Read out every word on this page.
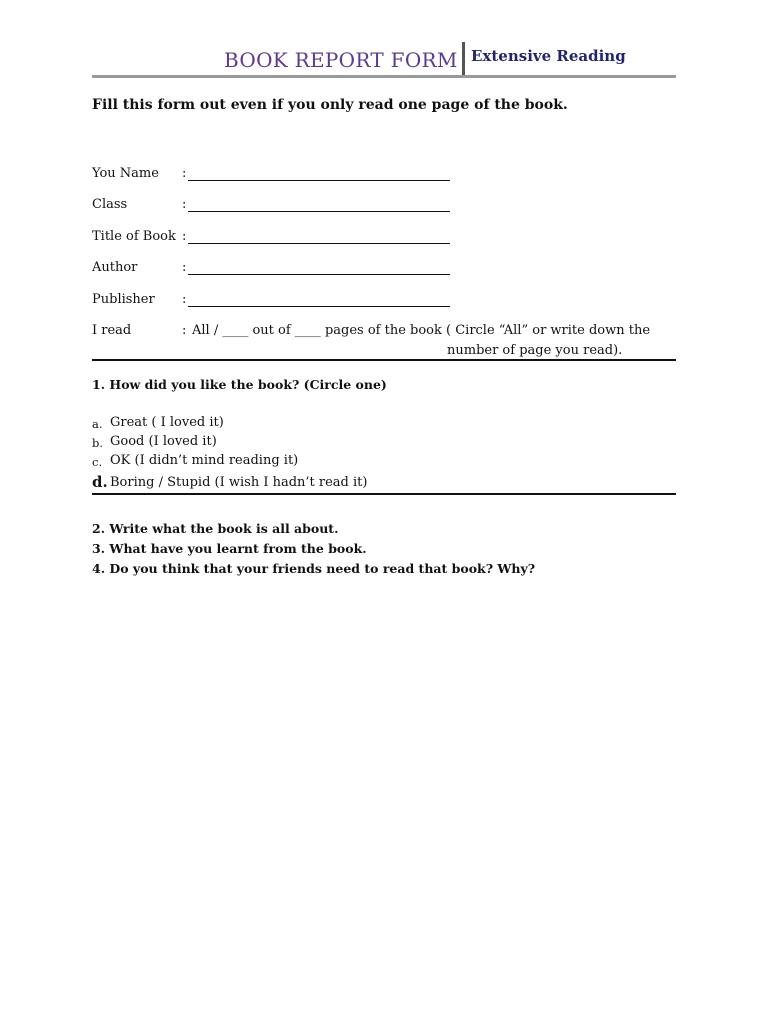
BOOK REPORT FORM Extensive Reading
Fill this form out even if you only read one page of the book.
You Name :
Class	:
Title of Book :
Author	:
Publisher :
I read	: All / ____ out of ____ pages of the book ( Circle “All” or write down the
number of page you read).
1. How did you like the book? (Circle one)
a. Great ( I loved it)
b. Good (I loved it)
c. OK (I didn’t mind reading it)
d. Boring / Stupid (I wish I hadn’t read it)
2. Write what the book is all about.
3. What have you learnt from the book.
4. Do you think that your friends need to read that book? Why?
